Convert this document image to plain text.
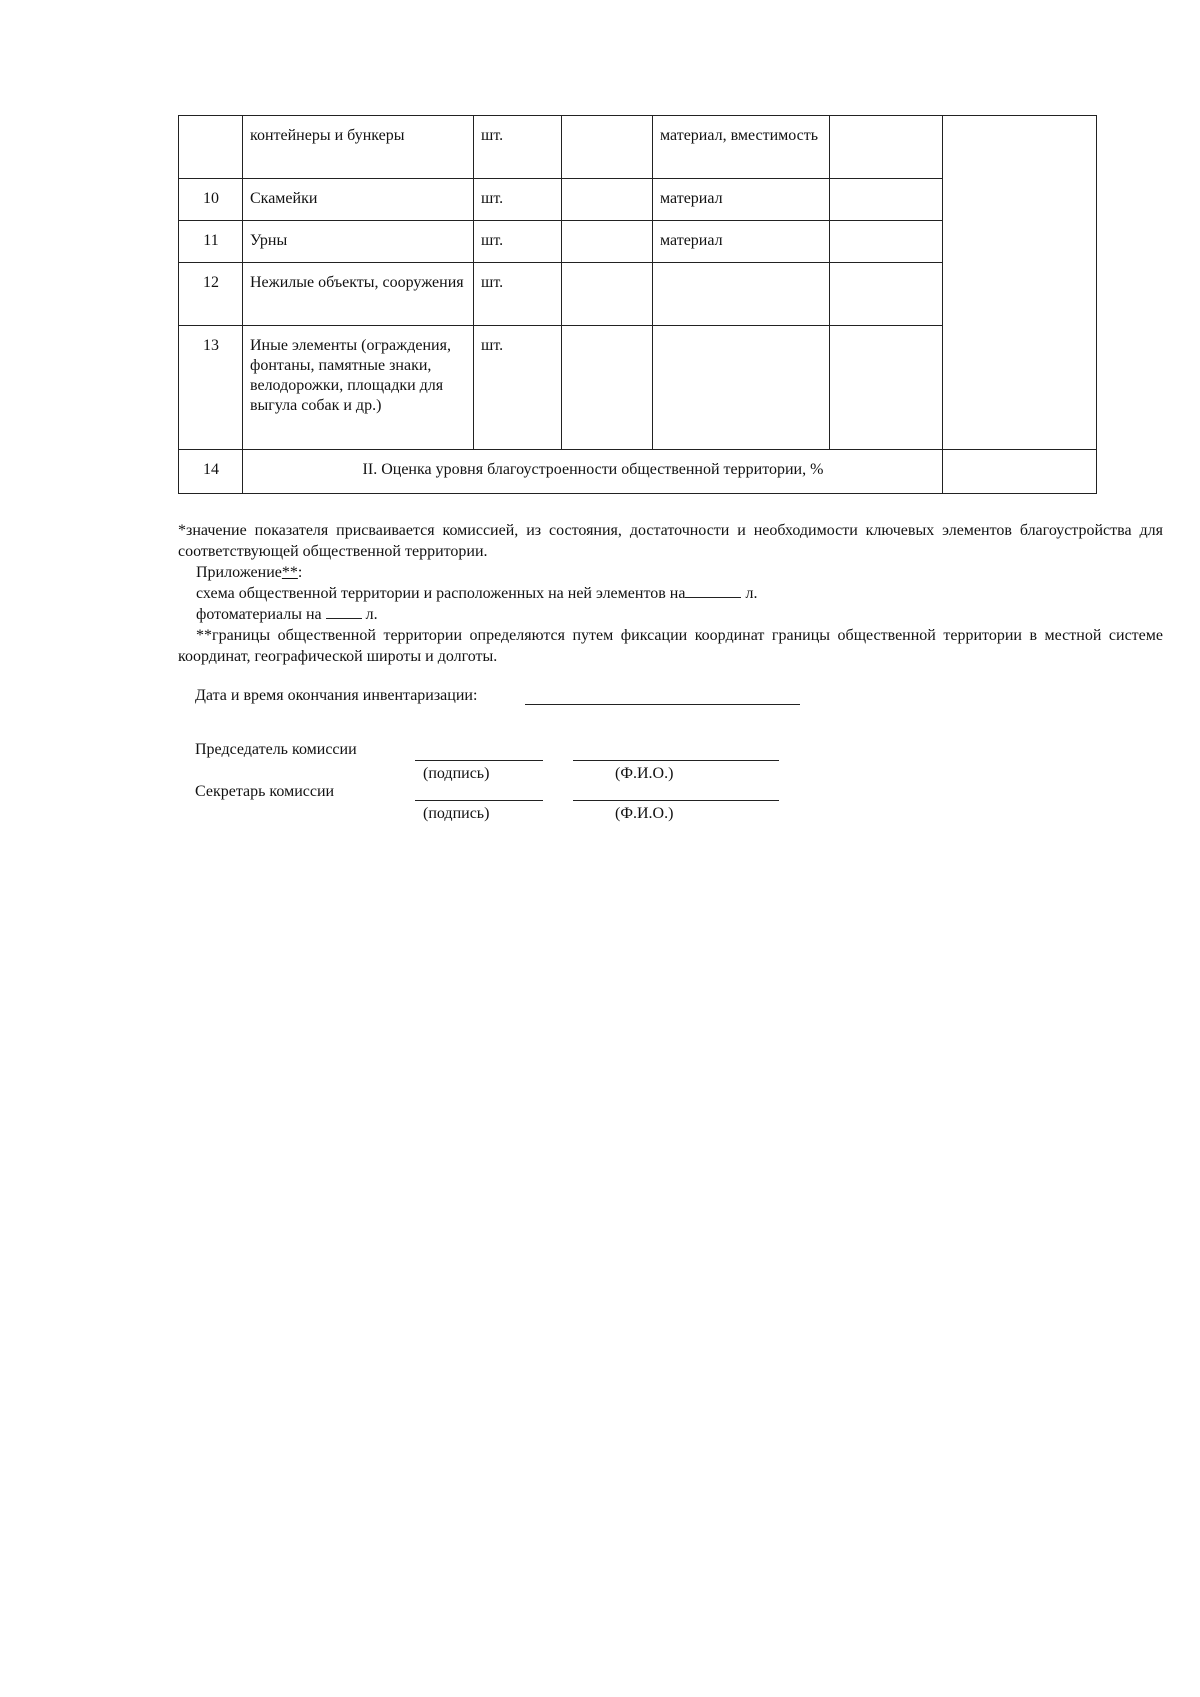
	контейнеры и бункеры	шт.		материал, вместимость		
10	Скамейки	шт.		материал		
11	Урны	шт.		материал		
12	Нежилые объекты, сооружения	шт.				
13	Иные элементы (ограждения, фонтаны, памятные знаки, велодорожки, площадки для выгула собак и др.)	шт.				
14	II. Оценка уровня благоустроенности общественной территории, %					

*значение показателя присваивается комиссией, из состояния, достаточности и необходимости ключевых элементов благоустройства для соответствующей общественной территории.

Приложение**:

схема общественной территории и расположенных на ней элементов на	л.

фотоматериалы на	л.

**границы общественной территории определяются путем фиксации координат границы общественной территории в местной системе координат, географической широты и долготы.

Дата и время окончания инвентаризации:
Председатель комиссии
(подпись)	(Ф.И.О.)
Секретарь комиссии
(подпись)	(Ф.И.О.)
